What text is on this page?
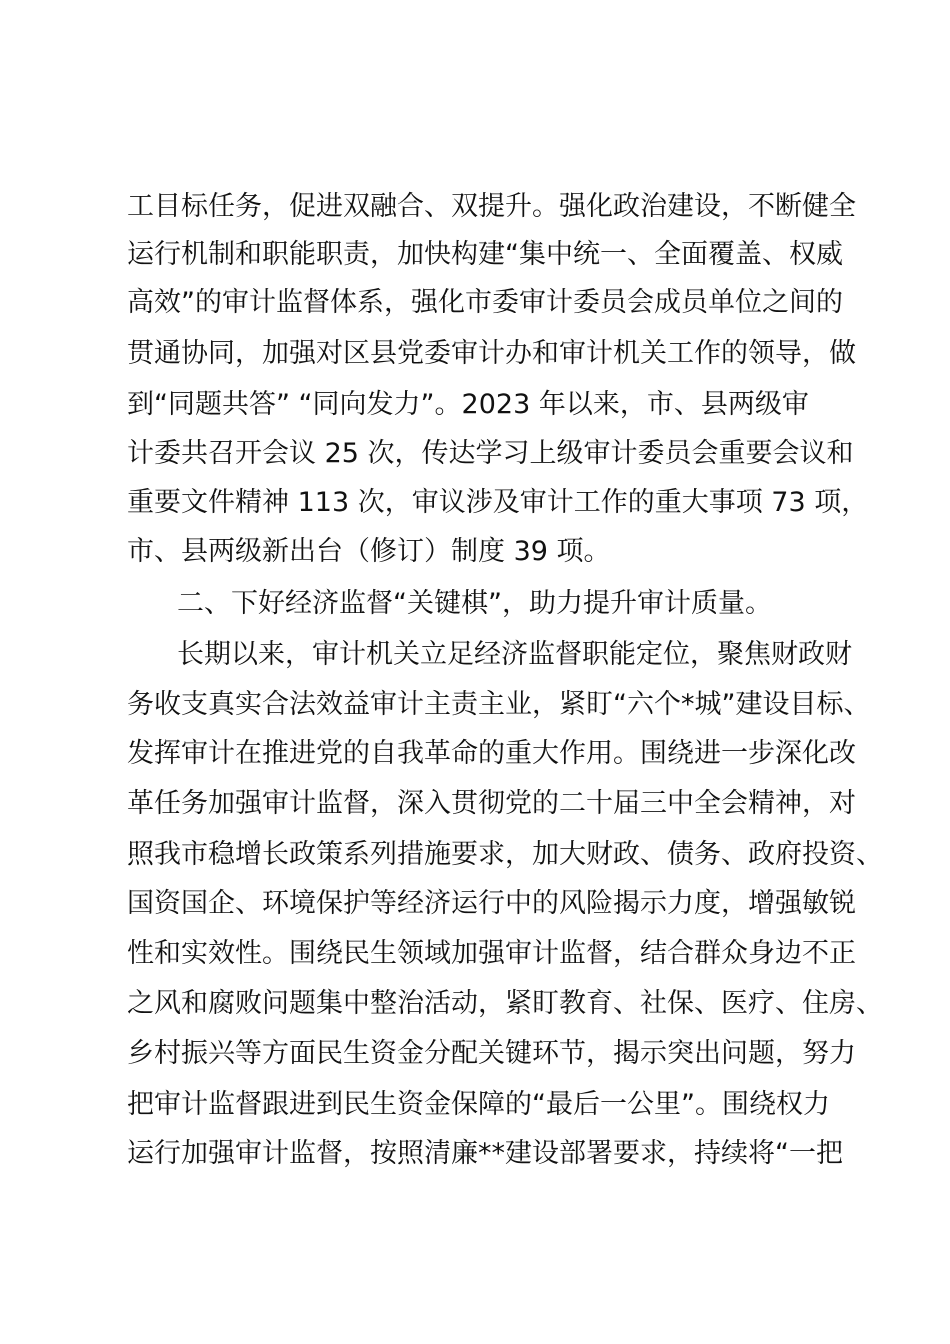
工目标任务，促进双融合、双提升。强化政治建设，不断健全
运行机制和职能职责，加快构建“集中统一、全面覆盖、权威
高效”的审计监督体系，强化市委审计委员会成员单位之间的
贯通协同，加强对区县党委审计办和审计机关工作的领导，做
到“同题共答” “同向发力”。2023 年以来，市、县两级审
计委共召开会议 25 次，传达学习上级审计委员会重要会议和
重要文件精神 113 次，审议涉及审计工作的重大事项 73 项，
市、县两级新出台（修订）制度 39 项。
二、下好经济监督“关键棋”，助力提升审计质量。
长期以来，审计机关立足经济监督职能定位，聚焦财政财
务收支真实合法效益审计主责主业，紧盯“六个*城”建设目标、
发挥审计在推进党的自我革命的重大作用。围绕进一步深化改
革任务加强审计监督，深入贯彻党的二十届三中全会精神，对
照我市稳增长政策系列措施要求，加大财政、债务、政府投资、
国资国企、环境保护等经济运行中的风险揭示力度，增强敏锐
性和实效性。围绕民生领域加强审计监督，结合群众身边不正
之风和腐败问题集中整治活动，紧盯教育、社保、医疗、住房、
乡村振兴等方面民生资金分配关键环节，揭示突出问题，努力
把审计监督跟进到民生资金保障的“最后一公里”。围绕权力
运行加强审计监督，按照清廉**建设部署要求，持续将“一把
